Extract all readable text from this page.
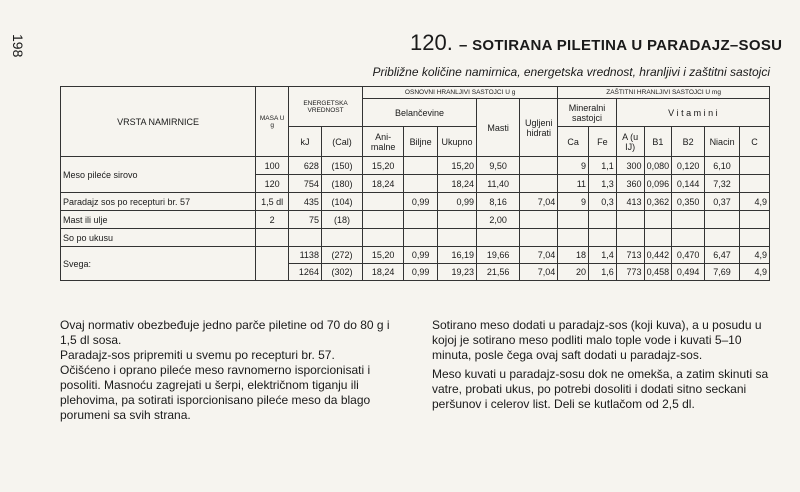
198	120. – SOTIRANA PILETINA U PARADAJZ–SOSU
Približne količine namirnica, energetska vrednost, hranljivi i zaštitni sastojci
VRSTA NAMIRNICE	MASA U g	ENERGETSKA VREDNOST		OSNOVNI HRANLJIVI SASTOJCI U g					ZAŠTITNI HRANLJIVI SASTOJCI U mg						
				Belančevine			Masti	Ugljeni hidrati	Mineralni sastojci		V i t a m i n i				
		kJ	(Cal)	Ani- malne	Biljne	Ukupno			Ca	Fe	A (u IJ)	B1	B2	Niacin	C
Meso pileće sirovo	100	628	(150)	15,20		15,20	9,50		9	1,1	300	0,080	0,120	6,10	
	120	754	(180)	18,24		18,24	11,40		11	1,3	360	0,096	0,144	7,32	
Paradajz sos po recepturi br. 57	1,5 dl	435	(104)		0,99	0,99	8,16	7,04	9	0,3	413	0,362	0,350	0,37	4,9
Mast ili ulje	2	75	(18)				2,00								
So po ukusu															
Svega:		1138	(272)	15,20	0,99	16,19	19,66	7,04	18	1,4	713	0,442	0,470	6,47	4,9
		1264	(302)	18,24	0,99	19,23	21,56	7,04	20	1,6	773	0,458	0,494	7,69	4,9

Ovaj normativ obezbeđuje jedno parče piletine od 70 do 80 g i 1,5 dl sosa.

Paradajz-sos pripremiti u svemu po recepturi br. 57.

Očišćeno i oprano pileće meso ravnomerno isporcionisati i posoliti. Masnoću zagrejati u šerpi, električnom tiganju ili plehovima, pa sotirati isporcionisano pileće meso da blago porumeni sa svih strana.

Sotirano meso dodati u paradajz-sos (koji kuva), a u posudu u kojoj je sotirano meso podliti malo tople vode i kuvati 5–10 minuta, posle čega ovaj saft dodati u paradajz-sos.

Meso kuvati u paradajz-sosu dok ne omekša, a zatim skinuti sa vatre, probati ukus, po potrebi dosoliti i dodati sitno seckani peršunov i celerov list. Deli se kutlačom od 2,5 dl.
